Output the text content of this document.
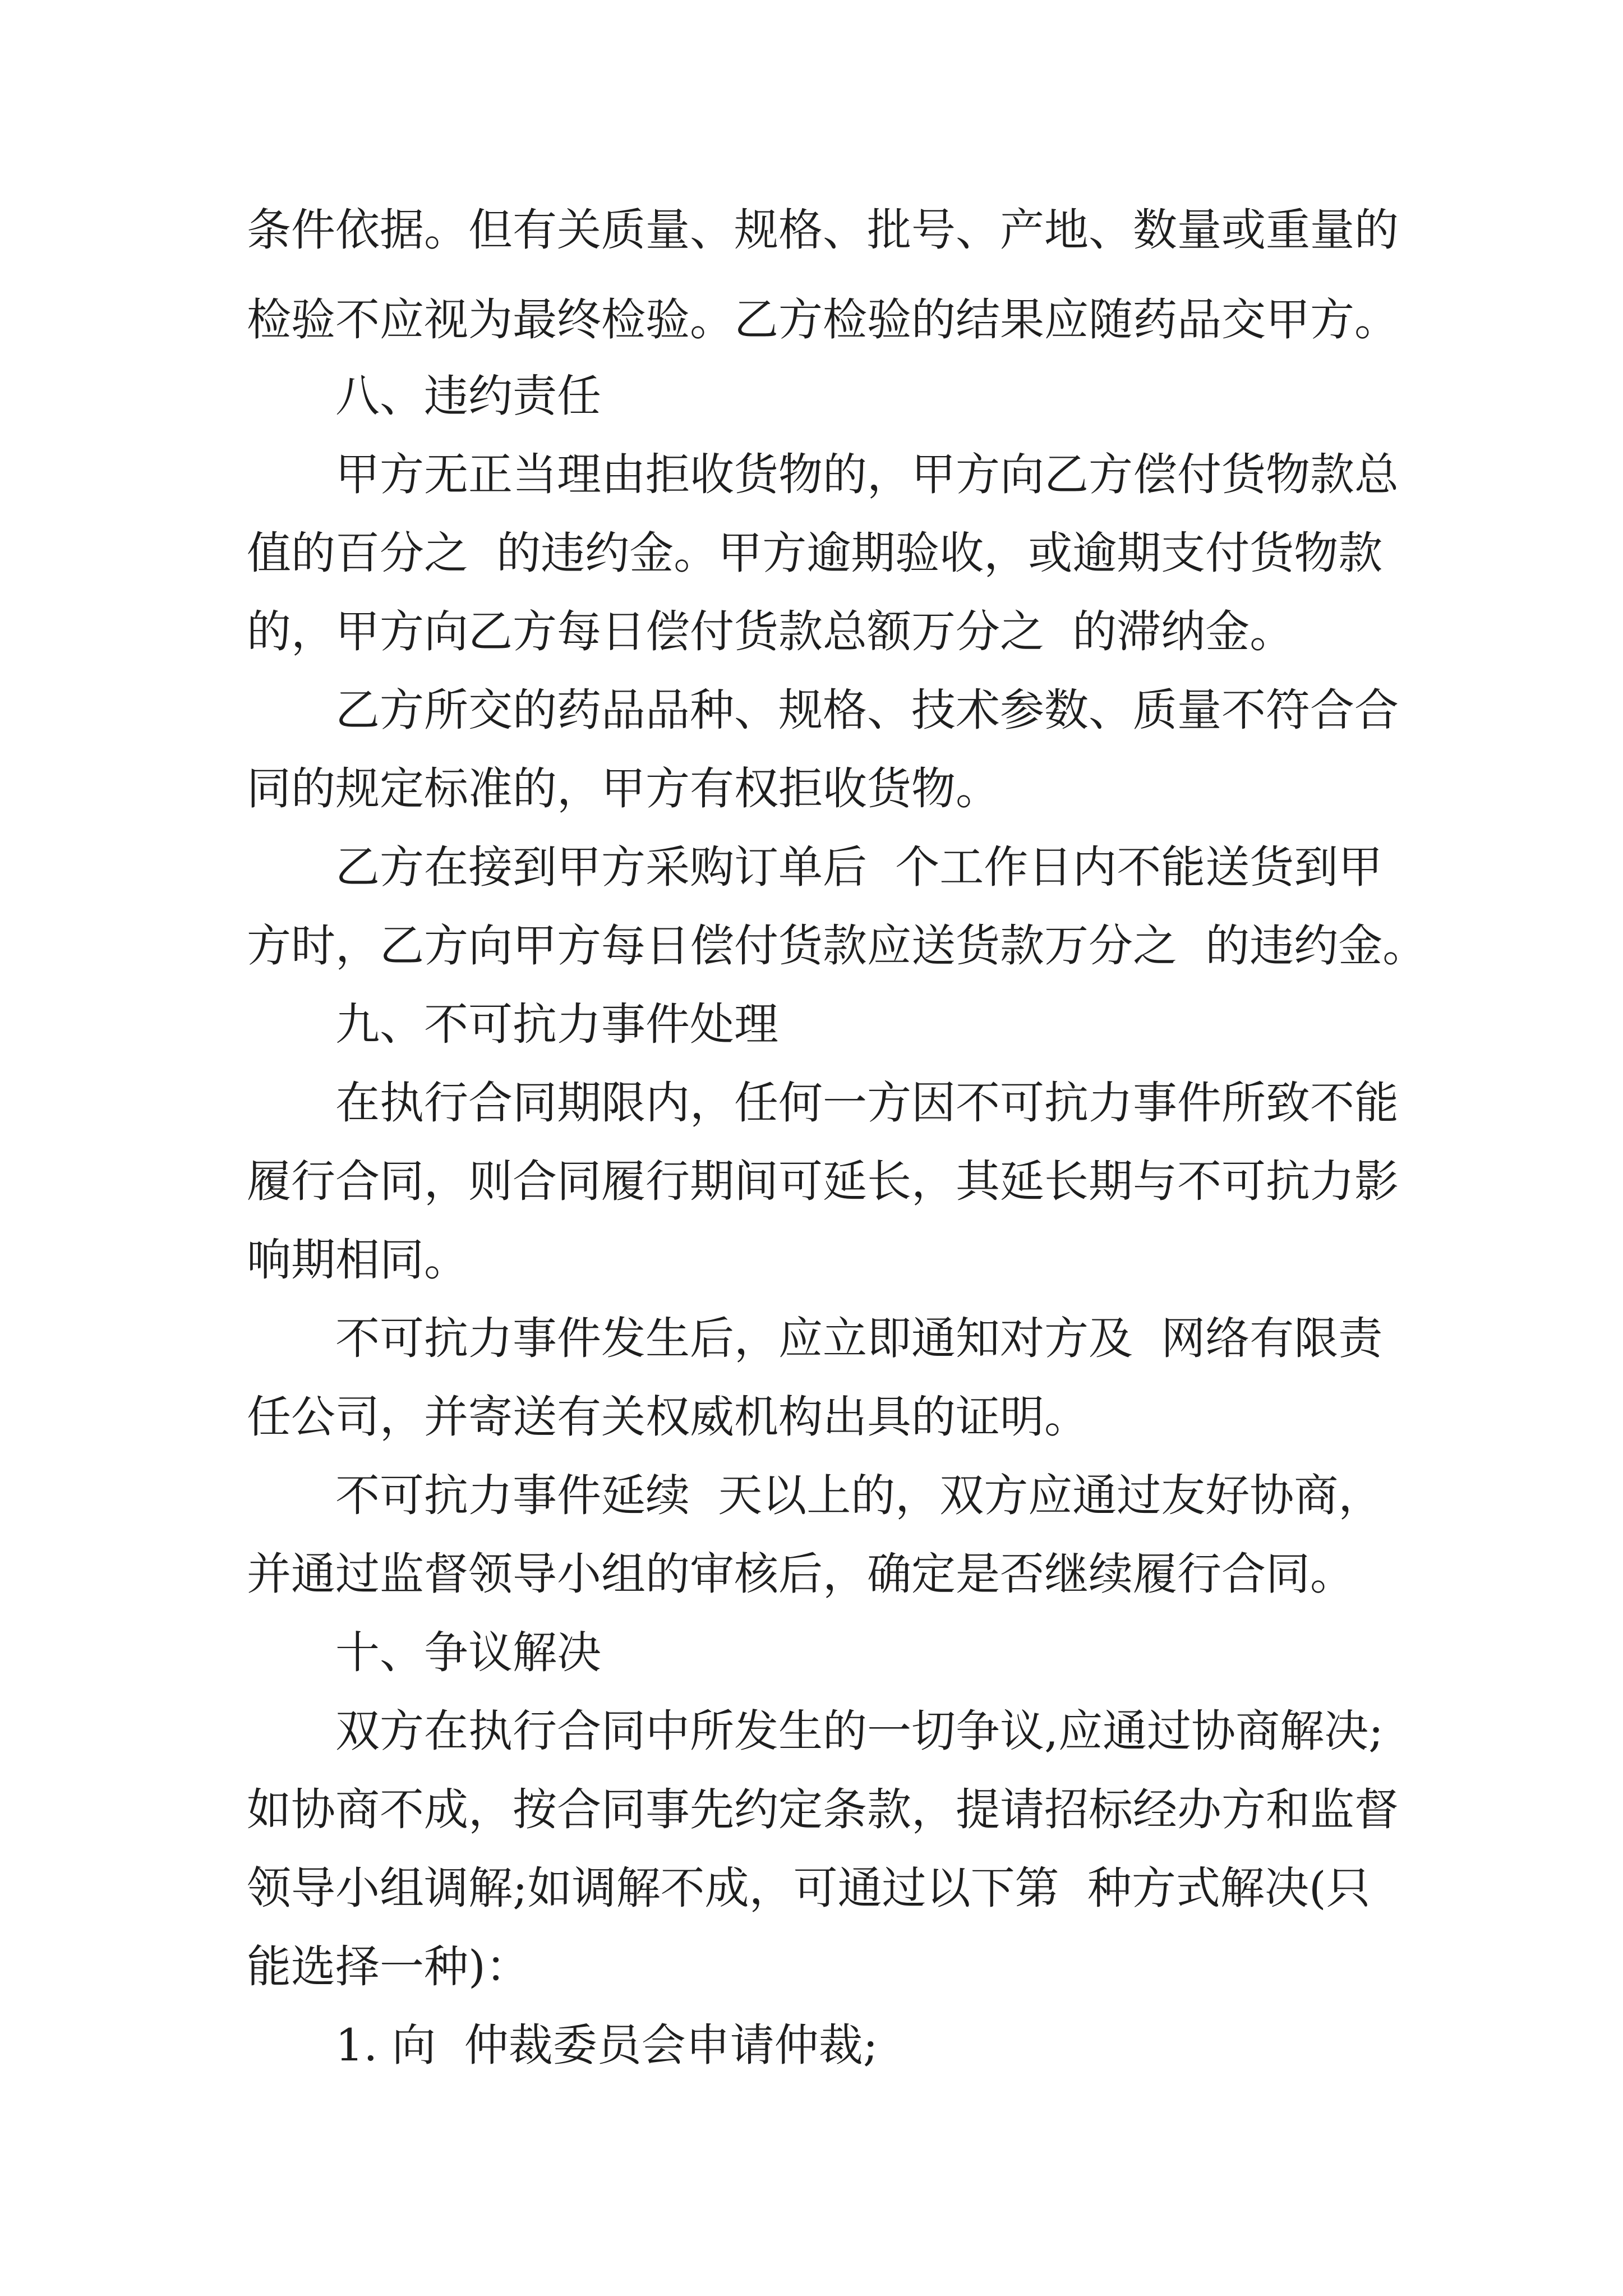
条件依据。但有关质量、规格、批号、产地、数量或重量的

检验不应视为最终检验。乙方检验的结果应随药品交甲方。

八、违约责任

甲方无正当理由拒收货物的，甲方向乙方偿付货物款总

值的百分之  的违约金。甲方逾期验收，或逾期支付货物款

的，甲方向乙方每日偿付货款总额万分之  的滞纳金。

乙方所交的药品品种、规格、技术参数、质量不符合合

同的规定标准的，甲方有权拒收货物。

乙方在接到甲方采购订单后  个工作日内不能送货到甲

方时，乙方向甲方每日偿付货款应送货款万分之  的违约金。

九、不可抗力事件处理

在执行合同期限内，任何一方因不可抗力事件所致不能

履行合同，则合同履行期间可延长，其延长期与不可抗力影

响期相同。

不可抗力事件发生后，应立即通知对方及  网络有限责

任公司，并寄送有关权威机构出具的证明。

不可抗力事件延续  天以上的，双方应通过友好协商，

并通过监督领导小组的审核后，确定是否继续履行合同。

十、争议解决

双方在执行合同中所发生的一切争议,应通过协商解决;

如协商不成，按合同事先约定条款，提请招标经办方和监督

领导小组调解;如调解不成，可通过以下第  种方式解决(只

能选择一种)：

1. 向  仲裁委员会申请仲裁;
